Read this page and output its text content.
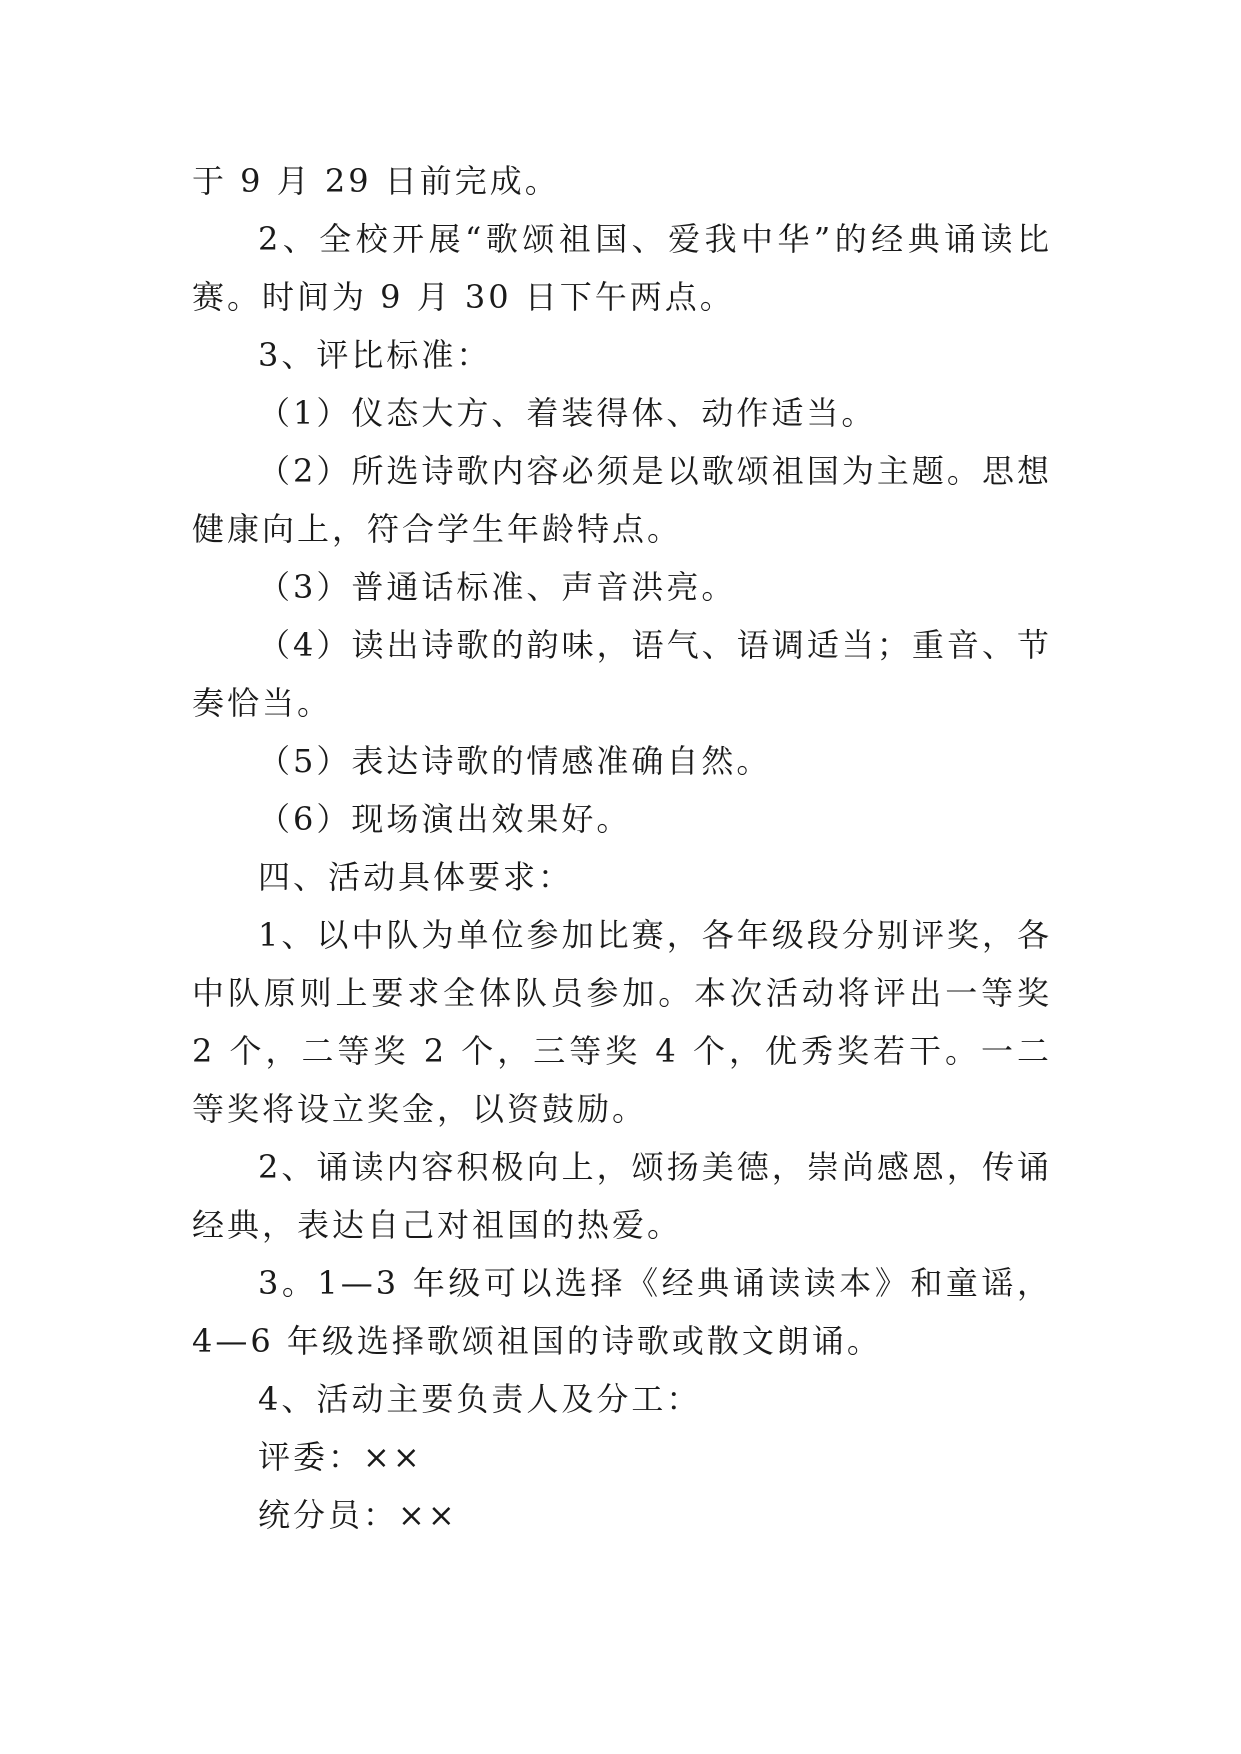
于 9 月 29 日前完成。

2、全校开展“歌颂祖国、爱我中华”的经典诵读比赛。时间为 9 月 30 日下午两点。

3、评比标准：

（1）仪态大方、着装得体、动作适当。

（2）所选诗歌内容必须是以歌颂祖国为主题。思想健康向上，符合学生年龄特点。

（3）普通话标准、声音洪亮。

（4）读出诗歌的韵味，语气、语调适当；重音、节奏恰当。

（5）表达诗歌的情感准确自然。

（6）现场演出效果好。

四、活动具体要求：

1、以中队为单位参加比赛，各年级段分别评奖，各中队原则上要求全体队员参加。本次活动将评出一等奖 2 个，二等奖 2 个，三等奖 4 个，优秀奖若干。一二等奖将设立奖金，以资鼓励。

2、诵读内容积极向上，颂扬美德，崇尚感恩，传诵经典，表达自己对祖国的热爱。

3。1—3 年级可以选择《经典诵读读本》和童谣，4—6 年级选择歌颂祖国的诗歌或散文朗诵。

4、活动主要负责人及分工：

评委：××

统分员：××
